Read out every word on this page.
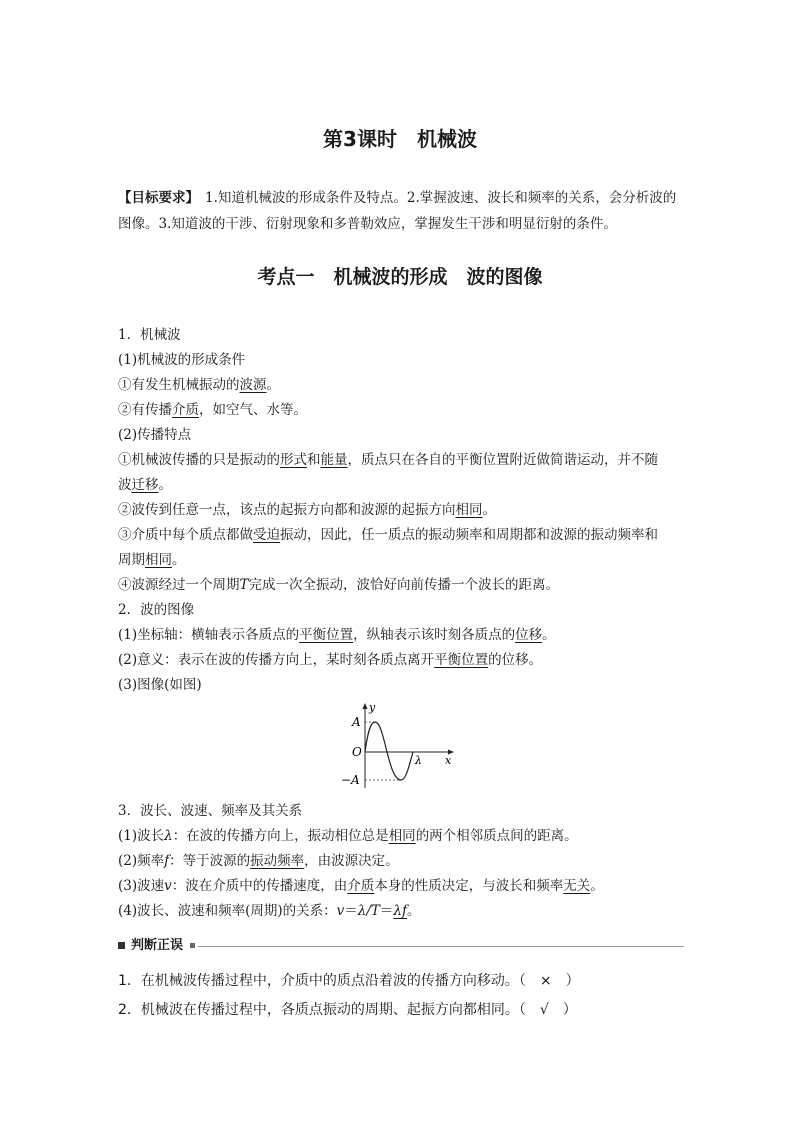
第3课时　机械波
【目标要求】 1.知道机械波的形成条件及特点。2.掌握波速、波长和频率的关系，会分析波的
图像。3.知道波的干涉、衍射现象和多普勒效应，掌握发生干涉和明显衍射的条件。
考点一　机械波的形成　波的图像
1．机械波
(1)机械波的形成条件
①有发生机械振动的波源。
②有传播介质，如空气、水等。
(2)传播特点
①机械波传播的只是振动的形式和能量，质点只在各自的平衡位置附近做简谐运动，并不随
波迁移。
②波传到任意一点，该点的起振方向都和波源的起振方向相同。
③介质中每个质点都做受迫振动，因此，任一质点的振动频率和周期都和波源的振动频率和
周期相同。
④波源经过一个周期T完成一次全振动，波恰好向前传播一个波长的距离。
2．波的图像
(1)坐标轴：横轴表示各质点的平衡位置，纵轴表示该时刻各质点的位移。
(2)意义：表示在波的传播方向上，某时刻各质点离开平衡位置的位移。
(3)图像(如图)
3．波长、波速、频率及其关系
(1)波长λ：在波的传播方向上，振动相位总是相同的两个相邻质点间的距离。
(2)频率f：等于波源的振动频率，由波源决定。
(3)波速v：波在介质中的传播速度，由介质本身的性质决定，与波长和频率无关。
(4)波长、波速和频率(周期)的关系：v＝λ/T＝λf。
A
−A
O
y
x
λ
判断正误
1．在机械波传播过程中，介质中的质点沿着波的传播方向移动。（　×　）
2．机械波在传播过程中，各质点振动的周期、起振方向都相同。（　√　）
